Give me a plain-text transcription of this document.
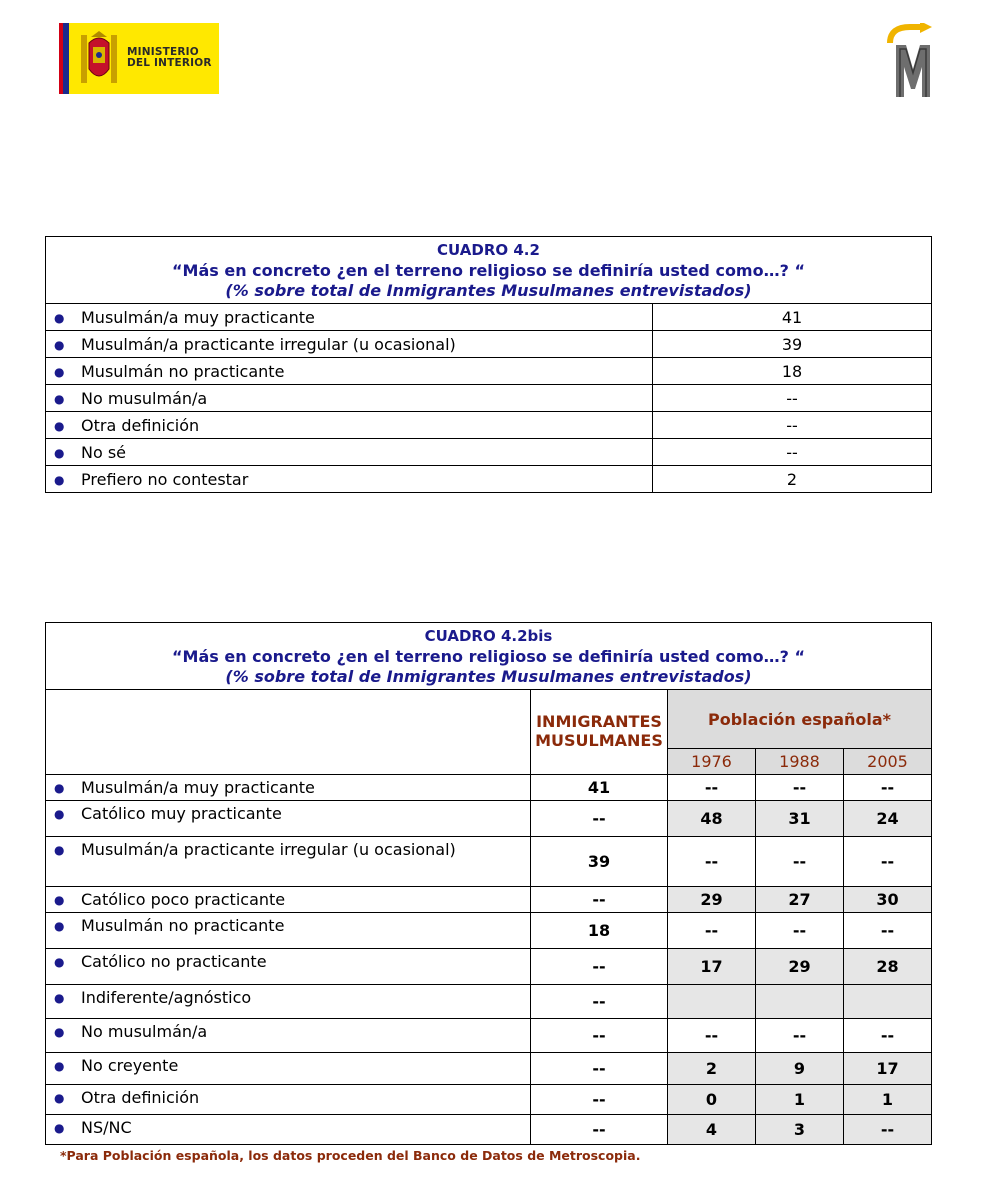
MINISTERIO
DEL INTERIOR
CUADRO 4.2
“Más en concreto ¿en el terreno religioso se definiría usted como…? “
(% sobre total de Inmigrantes Musulmanes entrevistados)	

● Musulmán/a muy practicante	41
● Musulmán/a practicante irregular (u ocasional)	39
● Musulmán no practicante	18
● No musulmán/a	--
● Otra definición	--
● No sé	--
● Prefiero no contestar	2
CUADRO 4.2bis
“Más en concreto ¿en el terreno religioso se definiría usted como…? “
(% sobre total de Inmigrantes Musulmanes entrevistados)				

	INMIGRANTES
MUSULMANES	Población española*		
		1976	1988	2005
● Musulmán/a muy practicante	41	--	--	--
● Católico muy practicante	--	48	31	24
● Musulmán/a practicante irregular (u ocasional)	39	--	--	--
● Católico poco practicante	--	29	27	30
● Musulmán no practicante	18	--	--	--
● Católico no practicante	--	17	29	28
● Indiferente/agnóstico	--			
● No musulmán/a	--	--	--	--
● No creyente	--	2	9	17
● Otra definición	--	0	1	1
● NS/NC	--	4	3	--
*Para Población española, los datos proceden del Banco de Datos de Metroscopia.
